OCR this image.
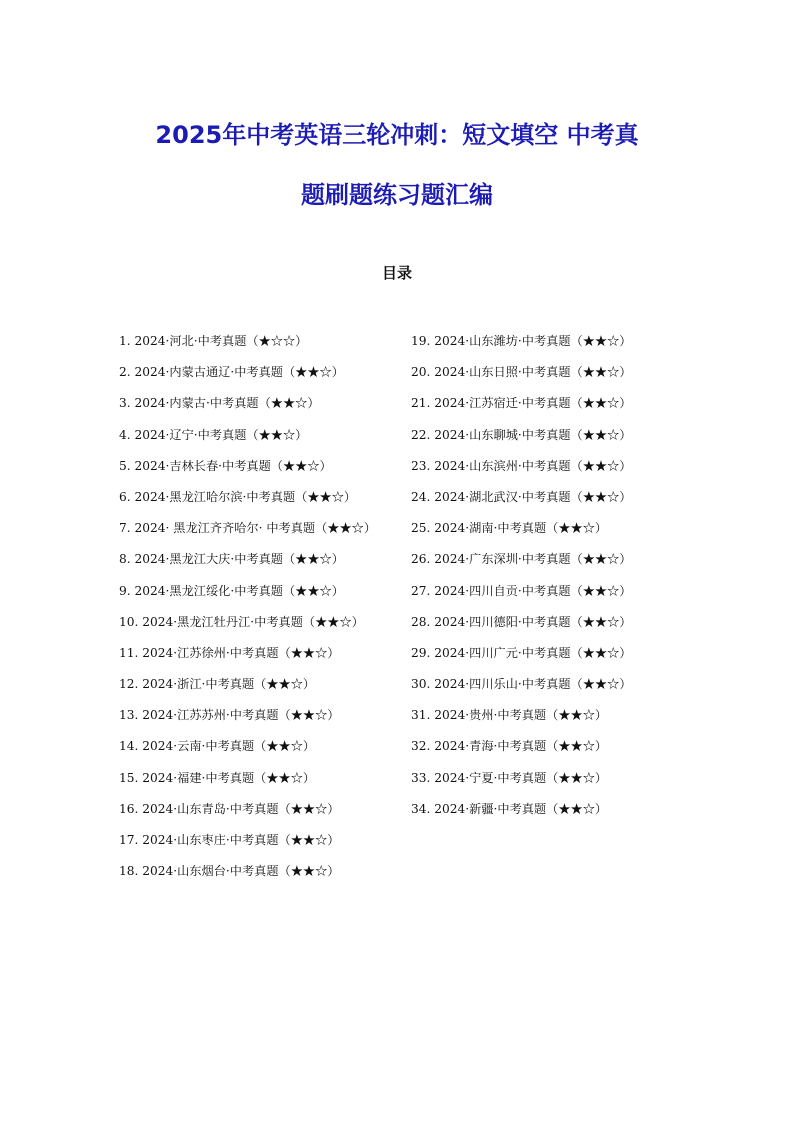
2025年中考英语三轮冲刺：短文填空 中考真
题刷题练习题汇编
目录
1. 2024·河北·中考真题（★☆☆）
2. 2024·内蒙古通辽·中考真题（★★☆）
3. 2024·内蒙古·中考真题（★★☆）
4. 2024·辽宁·中考真题（★★☆）
5. 2024·吉林长春·中考真题（★★☆）
6. 2024·黑龙江哈尔滨·中考真题（★★☆）
7. 2024· 黑龙江齐齐哈尔· 中考真题（★★☆）
8. 2024·黑龙江大庆·中考真题（★★☆）
9. 2024·黑龙江绥化·中考真题（★★☆）
10. 2024·黑龙江牡丹江·中考真题（★★☆）
11. 2024·江苏徐州·中考真题（★★☆）
12. 2024·浙江·中考真题（★★☆）
13. 2024·江苏苏州·中考真题（★★☆）
14. 2024·云南·中考真题（★★☆）
15. 2024·福建·中考真题（★★☆）
16. 2024·山东青岛·中考真题（★★☆）
17. 2024·山东枣庄·中考真题（★★☆）
18. 2024·山东烟台·中考真题（★★☆）
19. 2024·山东潍坊·中考真题（★★☆）
20. 2024·山东日照·中考真题（★★☆）
21. 2024·江苏宿迁·中考真题（★★☆）
22. 2024·山东聊城·中考真题（★★☆）
23. 2024·山东滨州·中考真题（★★☆）
24. 2024·湖北武汉·中考真题（★★☆）
25. 2024·湖南·中考真题（★★☆）
26. 2024·广东深圳·中考真题（★★☆）
27. 2024·四川自贡·中考真题（★★☆）
28. 2024·四川德阳·中考真题（★★☆）
29. 2024·四川广元·中考真题（★★☆）
30. 2024·四川乐山·中考真题（★★☆）
31. 2024·贵州·中考真题（★★☆）
32. 2024·青海·中考真题（★★☆）
33. 2024·宁夏·中考真题（★★☆）
34. 2024·新疆·中考真题（★★☆）
